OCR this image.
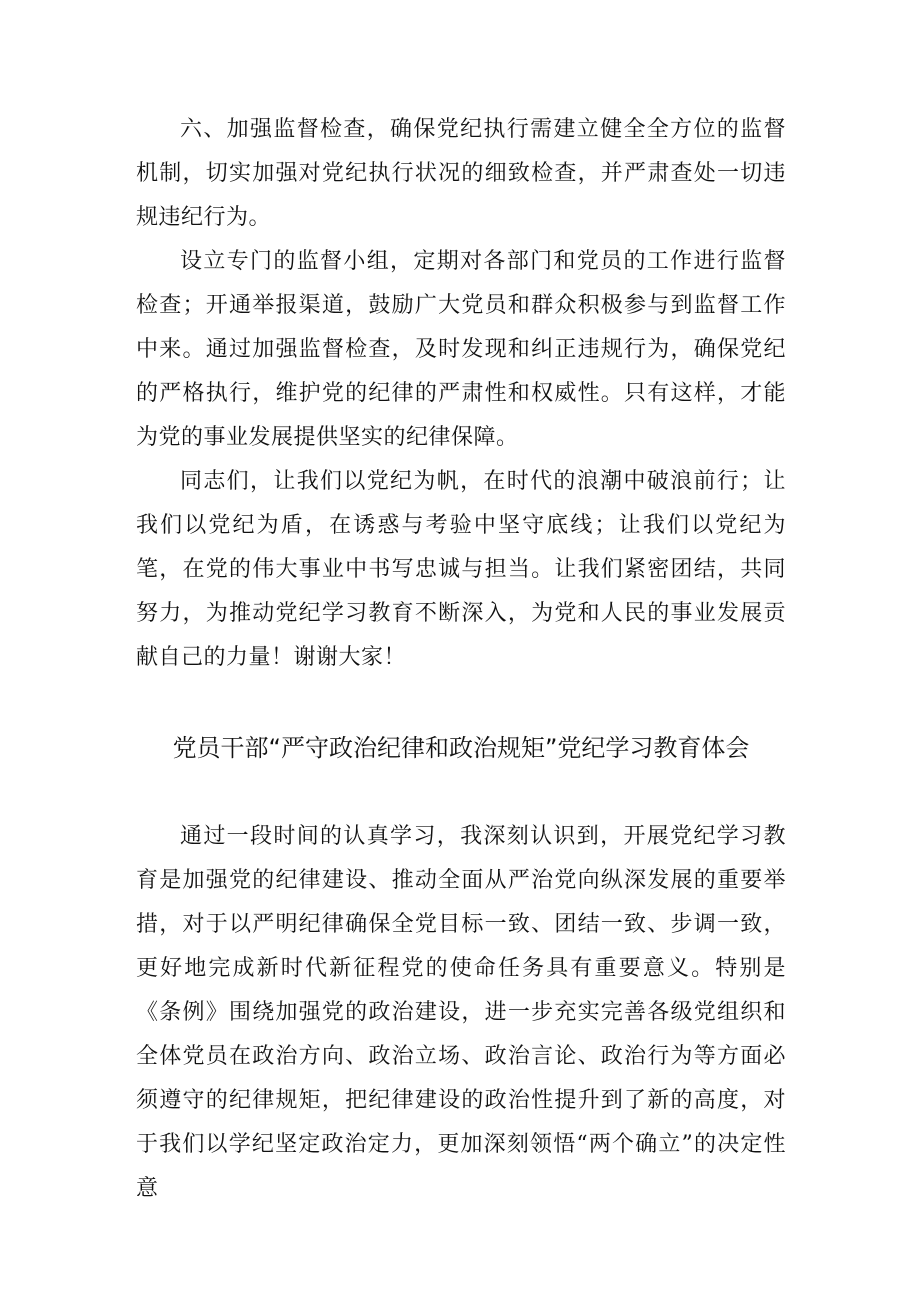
六、加强监督检查，确保党纪执行需建立健全全方位的监督机制，切实加强对党纪执行状况的细致检查，并严肃查处一切违规违纪行为。

设立专门的监督小组，定期对各部门和党员的工作进行监督检查；开通举报渠道，鼓励广大党员和群众积极参与到监督工作中来。通过加强监督检查，及时发现和纠正违规行为，确保党纪的严格执行，维护党的纪律的严肃性和权威性。只有这样，才能为党的事业发展提供坚实的纪律保障。

同志们，让我们以党纪为帆，在时代的浪潮中破浪前行；让我们以党纪为盾，在诱惑与考验中坚守底线；让我们以党纪为笔，在党的伟大事业中书写忠诚与担当。让我们紧密团结，共同努力，为推动党纪学习教育不断深入，为党和人民的事业发展贡献自己的力量！谢谢大家！

党员干部“严守政治纪律和政治规矩”党纪学习教育体会

通过一段时间的认真学习，我深刻认识到，开展党纪学习教育是加强党的纪律建设、推动全面从严治党向纵深发展的重要举措，对于以严明纪律确保全党目标一致、团结一致、步调一致，更好地完成新时代新征程党的使命任务具有重要意义。特别是《条例》围绕加强党的政治建设，进一步充实完善各级党组织和全体党员在政治方向、政治立场、政治言论、政治行为等方面必须遵守的纪律规矩，把纪律建设的政治性提升到了新的高度，对于我们以学纪坚定政治定力，更加深刻领悟“两个确立”的决定性意
